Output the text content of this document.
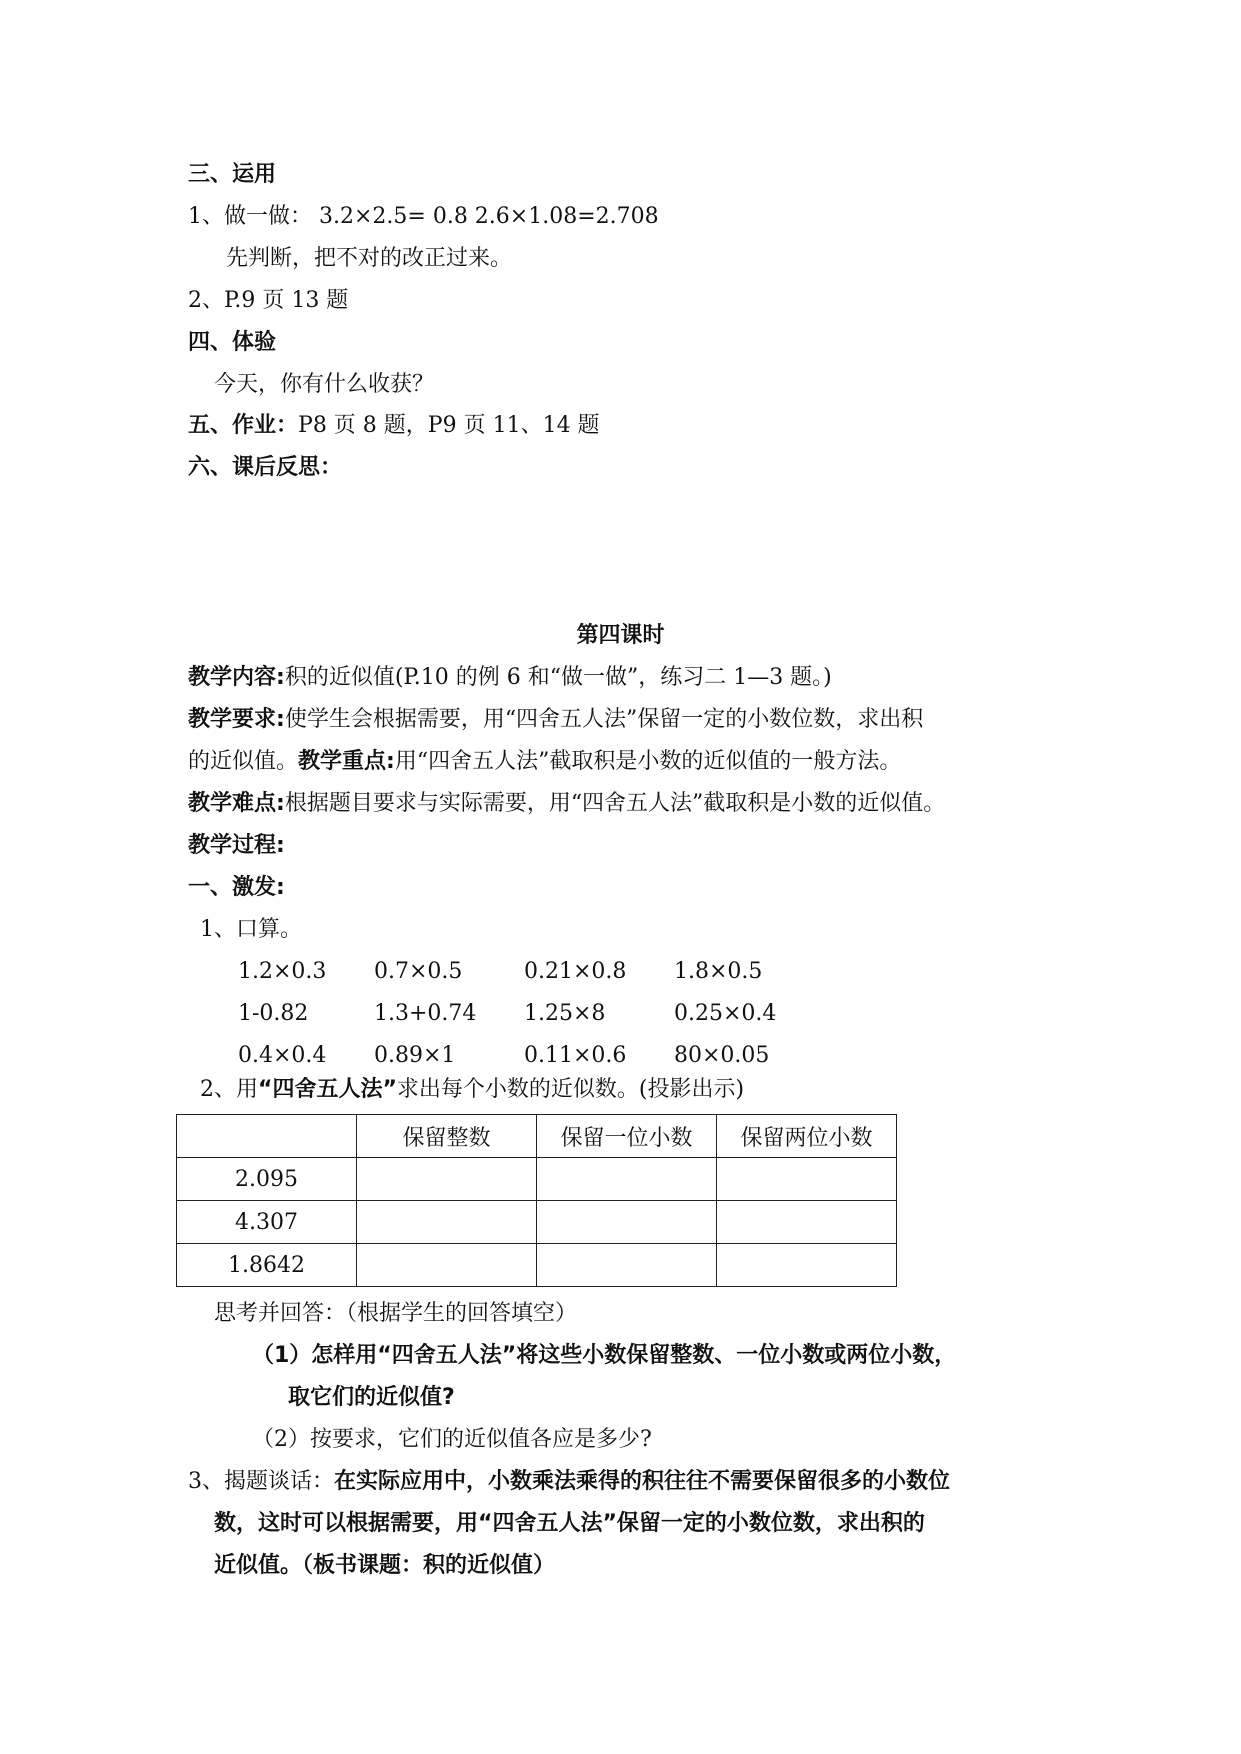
三、运用
1、做一做： 3.2×2.5= 0.8 2.6×1.08=2.708
先判断，把不对的改正过来。
2、P.9 页 13 题
四、体验
今天，你有什么收获？
五、作业：P8 页 8 题，P9 页 11、14 题
六、课后反思：
第四课时
教学内容:积的近似值(P.10 的例 6 和“做一做”，练习二 1—3 题。)
教学要求:使学生会根据需要，用“四舍五人法”保留一定的小数位数，求出积
的近似值。教学重点:用“四舍五人法”截取积是小数的近似值的一般方法。
教学难点:根据题目要求与实际需要，用“四舍五人法”截取积是小数的近似值。
教学过程:
一、激发:
1、口算。
1.2×0.3 0.7×0.5	0.21×0.8 1.8×0.5
1-0.82	1.3+0.74 1.25×8	0.25×0.4
0.4×0.4 0.89×1	0.11×0.6 80×0.05
2、用“四舍五人法”求出每个小数的近似数。(投影出示)
	保留整数	保留一位小数	保留两位小数
2.095			
4.307			
1.8642			
思考并回答：（根据学生的回答填空）
（1）怎样用“四舍五人法”将这些小数保留整数、一位小数或两位小数，
取它们的近似值?
（2）按要求，它们的近似值各应是多少?
3、揭题谈话：在实际应用中，小数乘法乘得的积往往不需要保留很多的小数位
数，这时可以根据需要，用“四舍五人法”保留一定的小数位数，求出积的
近似值。（板书课题：积的近似值）
